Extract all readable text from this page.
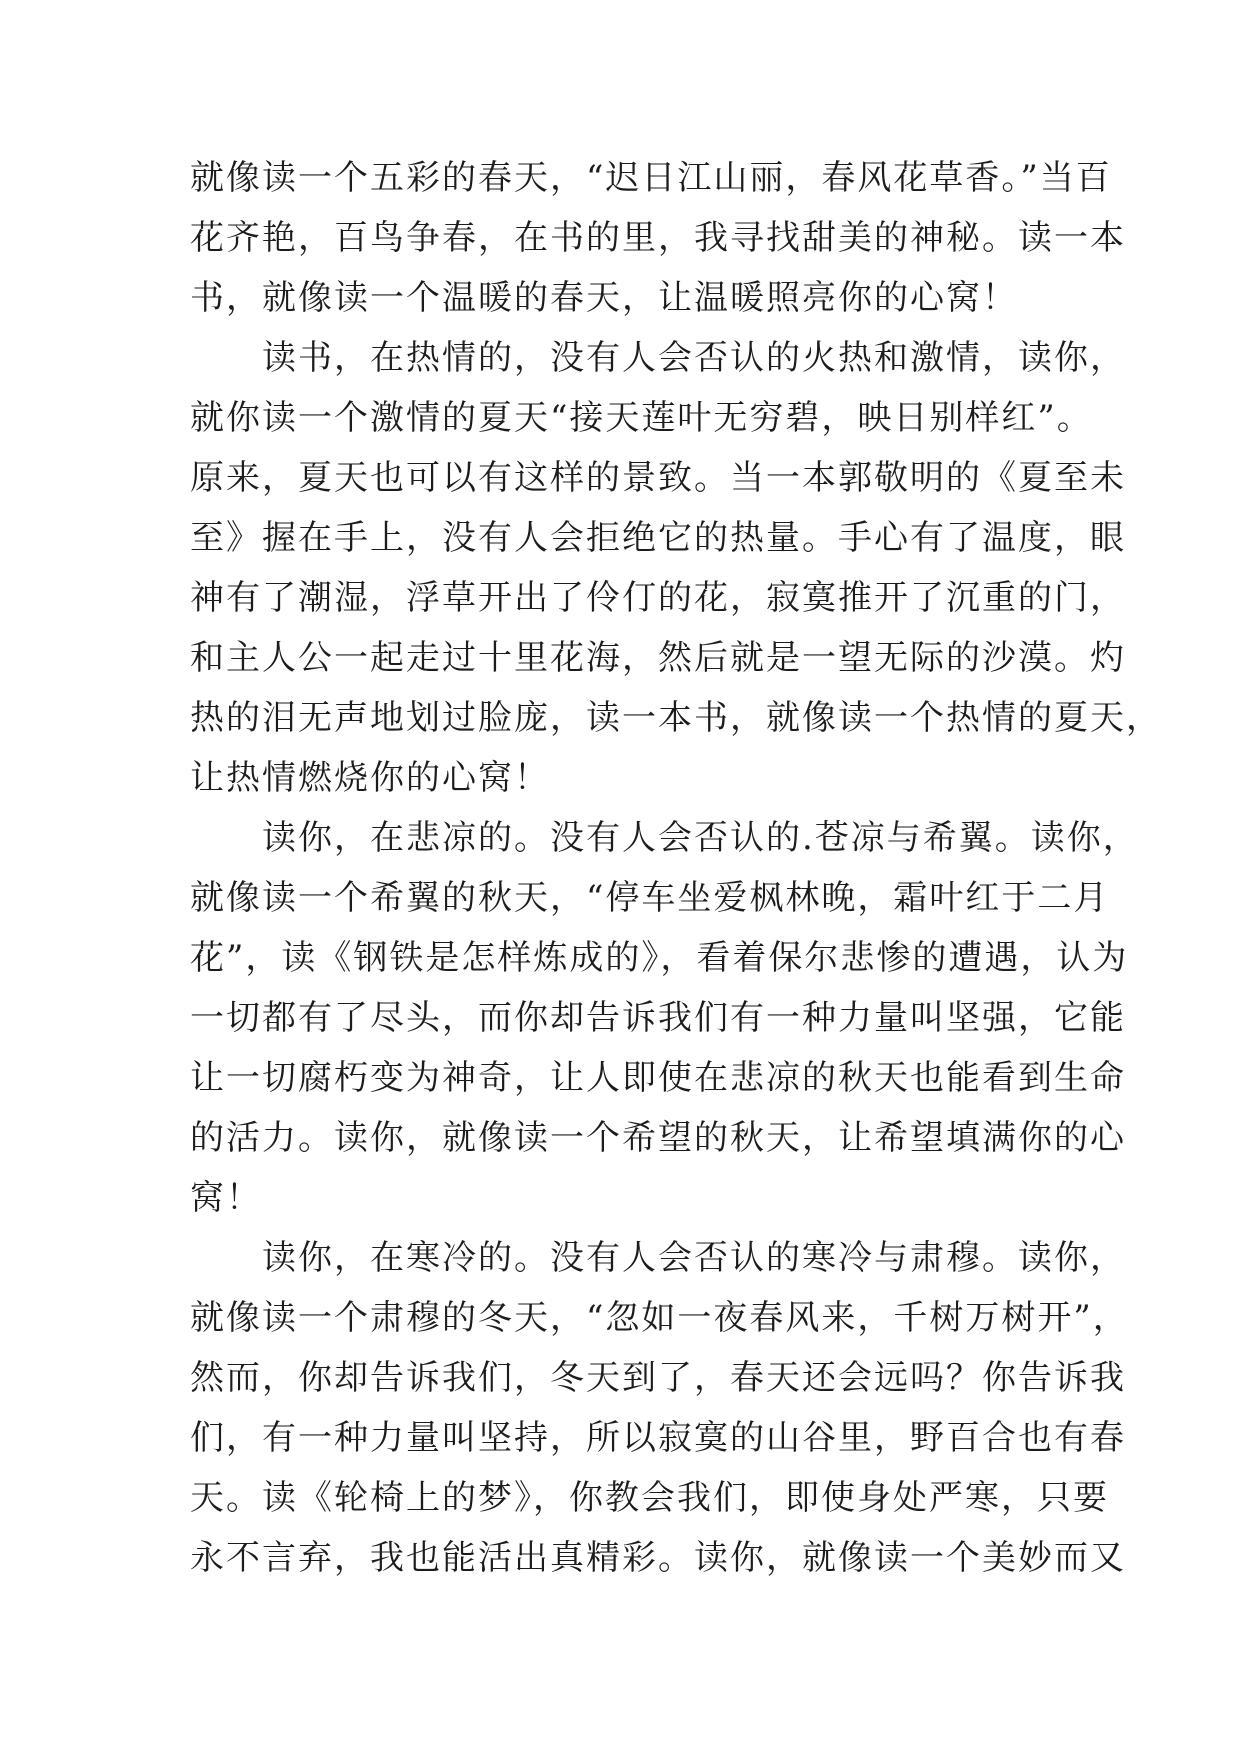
就像读一个五彩的春天，“迟日江山丽，春风花草香。”当百
花齐艳，百鸟争春，在书的里，我寻找甜美的神秘。读一本
书，就像读一个温暖的春天，让温暖照亮你的心窝！
　　读书，在热情的，没有人会否认的火热和激情，读你，
就你读一个激情的夏天“接天莲叶无穷碧，映日别样红”。
原来，夏天也可以有这样的景致。当一本郭敬明的《夏至未
至》握在手上，没有人会拒绝它的热量。手心有了温度，眼
神有了潮湿，浮草开出了伶仃的花，寂寞推开了沉重的门，
和主人公一起走过十里花海，然后就是一望无际的沙漠。灼
热的泪无声地划过脸庞，读一本书，就像读一个热情的夏天，
让热情燃烧你的心窝！
　　读你，在悲凉的。没有人会否认的.苍凉与希翼。读你，
就像读一个希翼的秋天，“停车坐爱枫林晚，霜叶红于二月
花”，读《钢铁是怎样炼成的》，看着保尔悲惨的遭遇，认为
一切都有了尽头，而你却告诉我们有一种力量叫坚强，它能
让一切腐朽变为神奇，让人即使在悲凉的秋天也能看到生命
的活力。读你，就像读一个希望的秋天，让希望填满你的心
窝！
　　读你，在寒冷的。没有人会否认的寒冷与肃穆。读你，
就像读一个肃穆的冬天，“忽如一夜春风来，千树万树开”，
然而，你却告诉我们，冬天到了，春天还会远吗？你告诉我
们，有一种力量叫坚持，所以寂寞的山谷里，野百合也有春
天。读《轮椅上的梦》，你教会我们，即使身处严寒，只要
永不言弃，我也能活出真精彩。读你，就像读一个美妙而又
